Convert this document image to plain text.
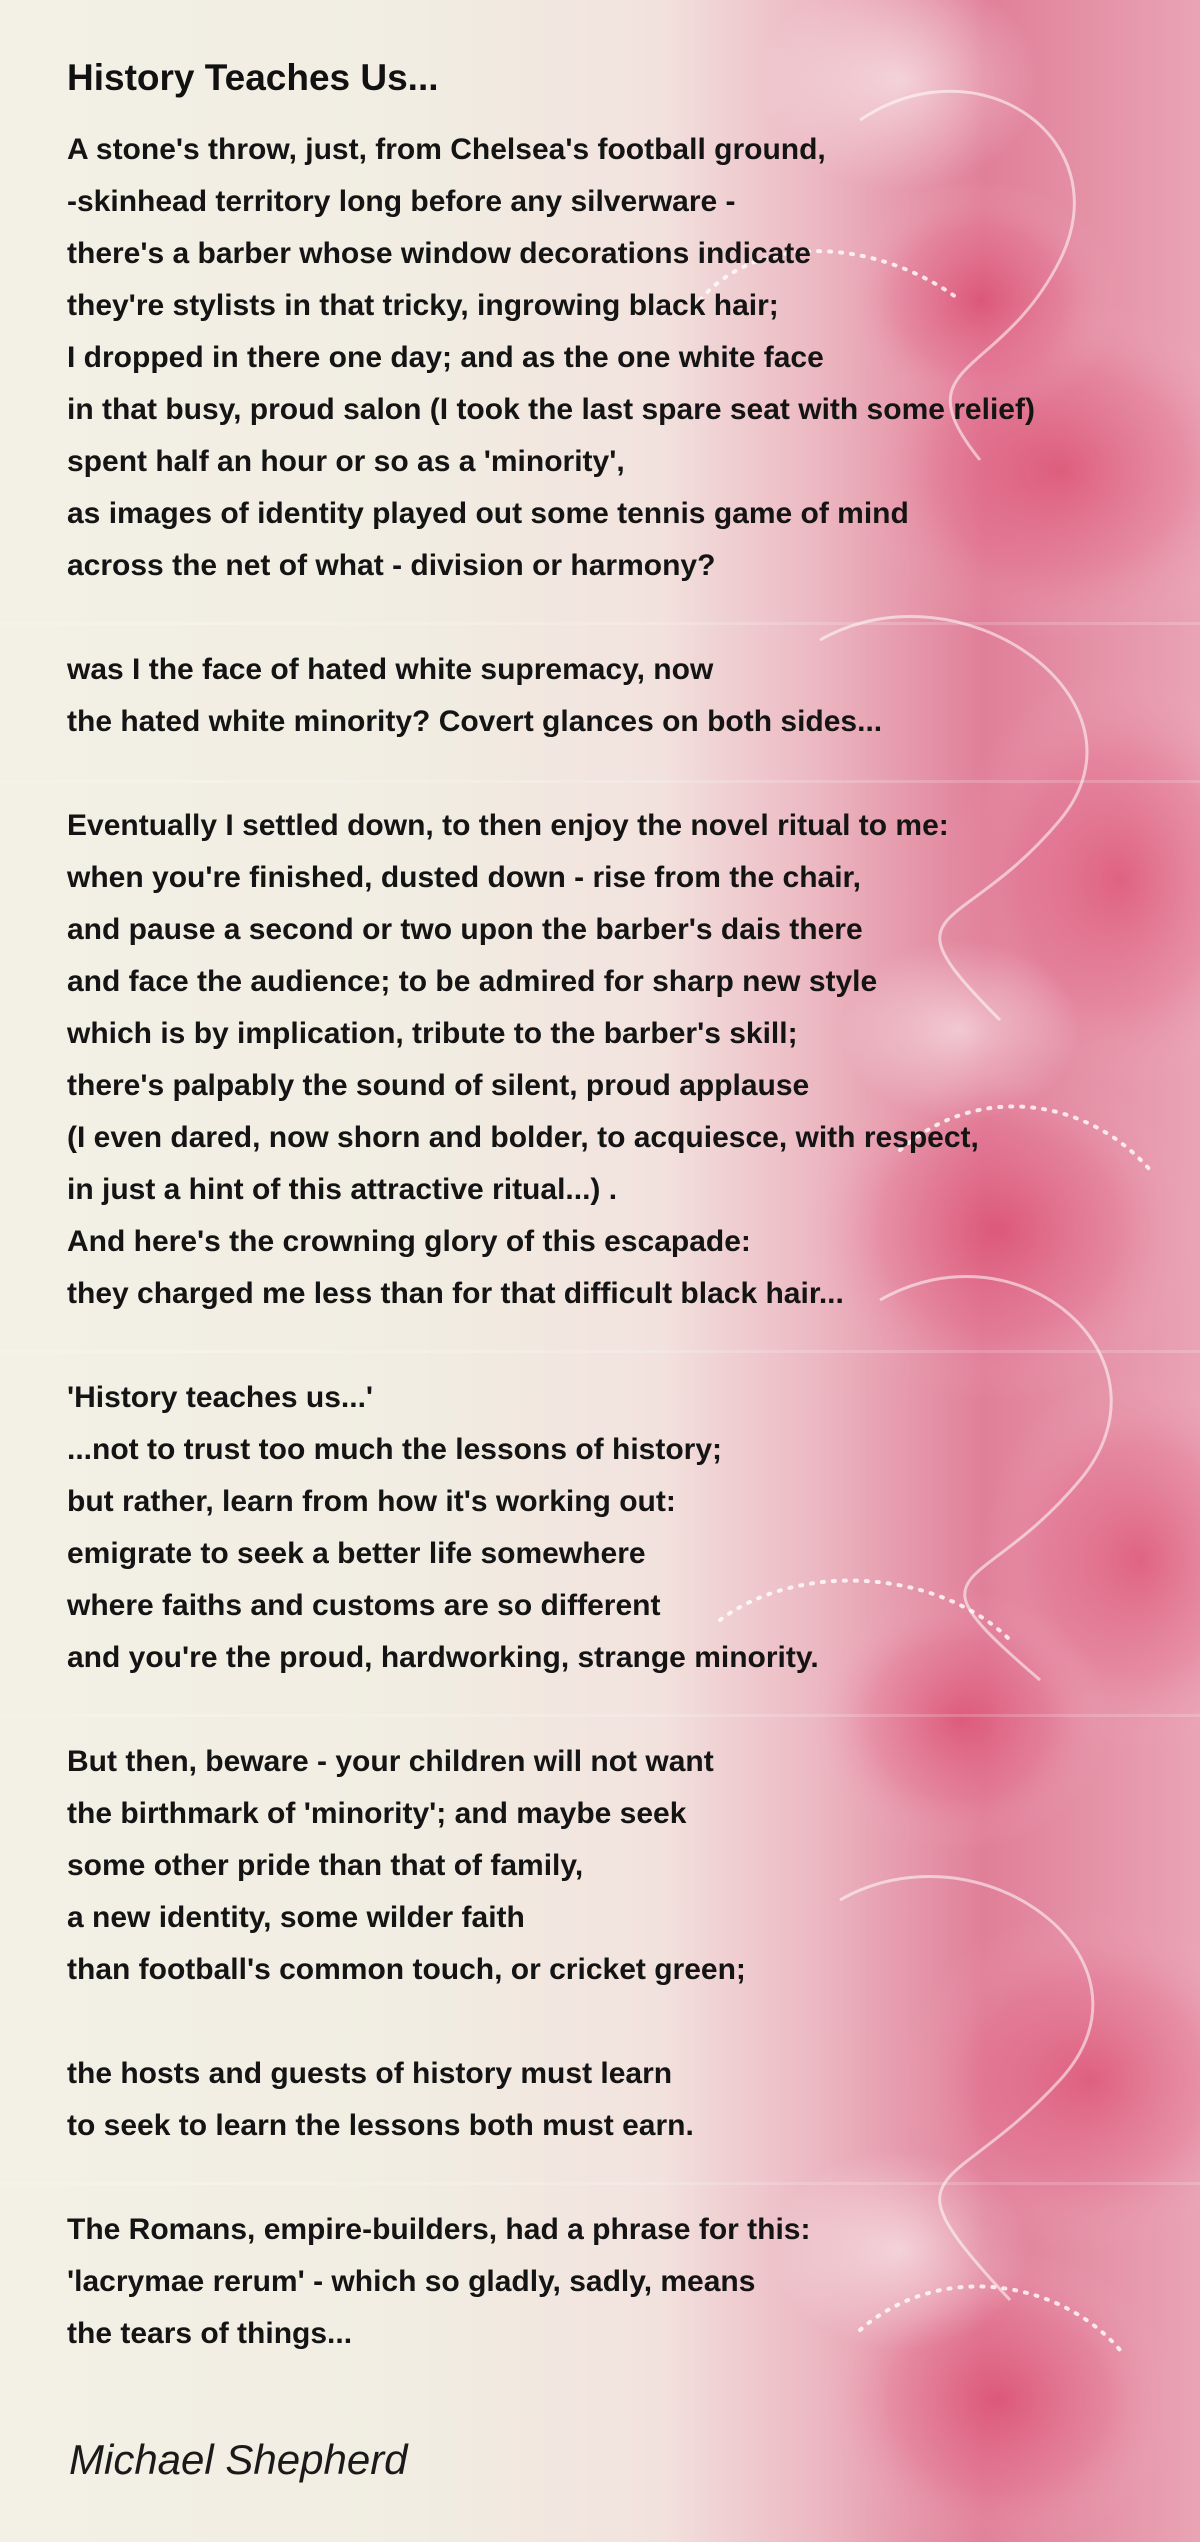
History Teaches Us...
A stone's throw, just, from Chelsea's football ground,
-skinhead territory long before any silverware -
there's a barber whose window decorations indicate
they're stylists in that tricky, ingrowing black hair;
I dropped in there one day; and as the one white face
in that busy, proud salon (I took the last spare seat with some relief)
spent half an hour or so as a 'minority',
as images of identity played out some tennis game of mind
across the net of what - division or harmony?
was I the face of hated white supremacy, now
the hated white minority? Covert glances on both sides...
Eventually I settled down, to then enjoy the novel ritual to me:
when you're finished, dusted down - rise from the chair,
and pause a second or two upon the barber's dais there
and face the audience; to be admired for sharp new style
which is by implication, tribute to the barber's skill;
there's palpably the sound of silent, proud applause
(I even dared, now shorn and bolder, to acquiesce, with respect,
in just a hint of this attractive ritual...) .
And here's the crowning glory of this escapade:
they charged me less than for that difficult black hair...
'History teaches us...'
...not to trust too much the lessons of history;
but rather, learn from how it's working out:
emigrate to seek a better life somewhere
where faiths and customs are so different
and you're the proud, hardworking, strange minority.
But then, beware - your children will not want
the birthmark of 'minority'; and maybe seek
some other pride than that of family,
a new identity, some wilder faith
than football's common touch, or cricket green;
the hosts and guests of history must learn
to seek to learn the lessons both must earn.
The Romans, empire-builders, had a phrase for this:
'lacrymae rerum' - which so gladly, sadly, means
the tears of things...
Michael Shepherd
